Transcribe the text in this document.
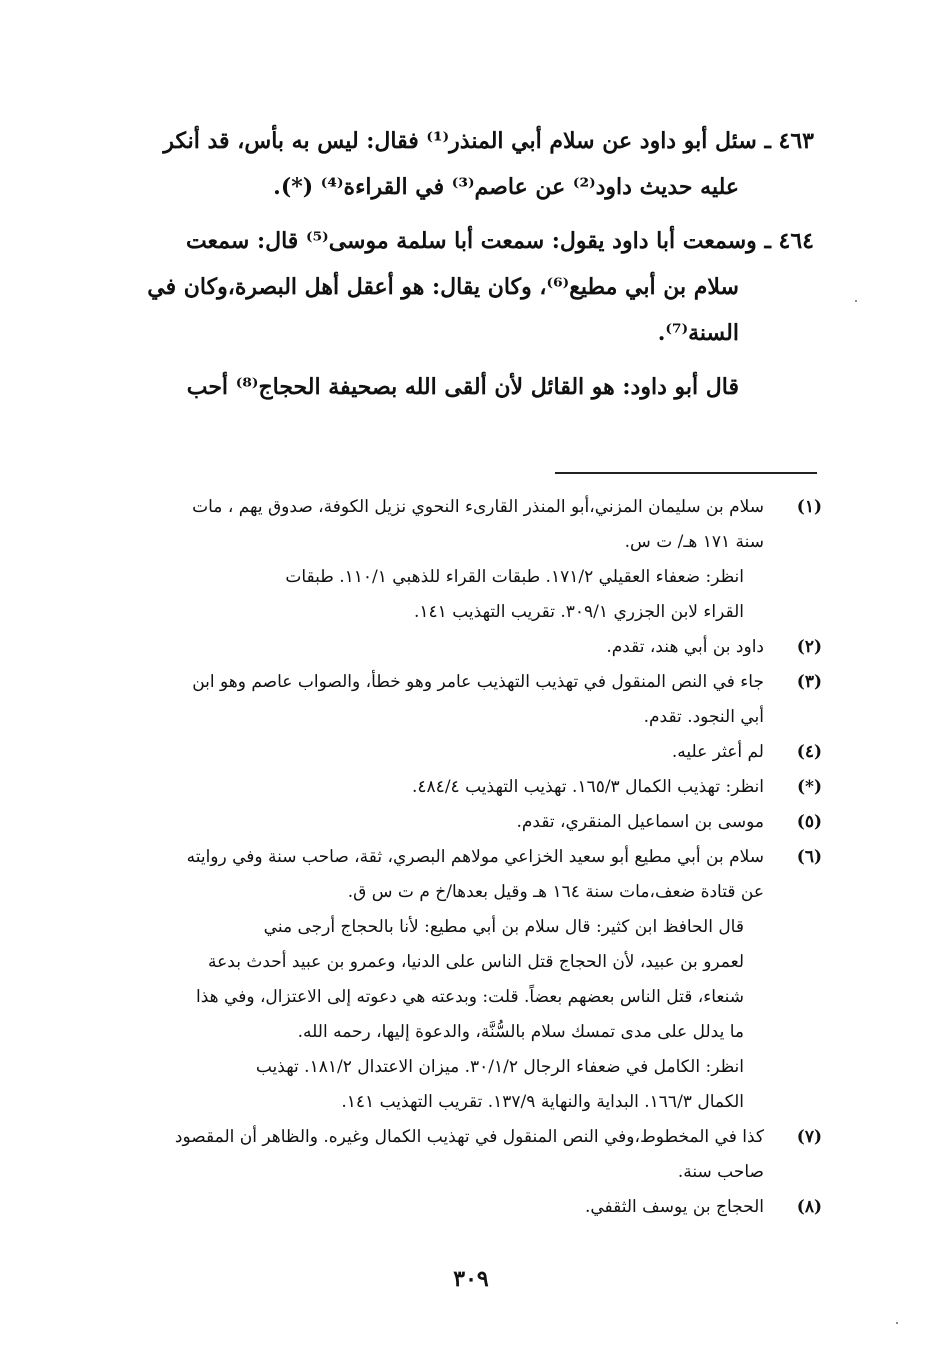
٤٦٣ ـ سئل أبو داود عن سلام أبي المنذر⁽¹⁾ فقال: ليس به بأس، قد أنكر
عليه حديث داود⁽²⁾ عن عاصم⁽³⁾ في القراءة⁽⁴⁾ (*).
٤٦٤ ـ وسمعت أبا داود يقول: سمعت أبا سلمة موسى⁽⁵⁾ قال: سمعت
سلام بن أبي مطيع⁽⁶⁾، وكان يقال: هو أعقل أهل البصرة،وكان في
السنة⁽⁷⁾.
قال أبو داود: هو القائل لأن ألقى الله بصحيفة الحجاج⁽⁸⁾ أحب
(١)
سلام بن سليمان المزني،أبو المنذر القارىء النحوي نزيل الكوفة، صدوق يهم ، مات
سنة ١٧١ هـ/ ت س.
انظر: ضعفاء العقيلي ١٧١/٢. طبقات القراء للذهبي ١١٠/١. طبقات
القراء لابن الجزري ٣٠٩/١. تقريب التهذيب ١٤١.
(٢)
داود بن أبي هند، تقدم.
(٣)
جاء في النص المنقول في تهذيب التهذيب عامر وهو خطأ، والصواب عاصم وهو ابن
أبي النجود. تقدم.
(٤)
لم أعثر عليه.
(*)
انظر: تهذيب الكمال ١٦٥/٣. تهذيب التهذيب ٤٨٤/٤.
(٥)
موسى بن اسماعيل المنقري، تقدم.
(٦)
سلام بن أبي مطيع أبو سعيد الخزاعي مولاهم البصري، ثقة، صاحب سنة وفي روايته
عن قتادة ضعف،مات سنة ١٦٤ هـ وقيل بعدها/خ م ت س ق.
قال الحافظ ابن كثير: قال سلام بن أبي مطيع: لأنا بالحجاج أرجى مني
لعمرو بن عبيد، لأن الحجاج قتل الناس على الدنيا، وعمرو بن عبيد أحدث بدعة
شنعاء، قتل الناس بعضهم بعضاً. قلت: وبدعته هي دعوته إلى الاعتزال، وفي هذا
ما يدلل على مدى تمسك سلام بالسُّنَّة، والدعوة إليها، رحمه الله.
انظر: الكامل في ضعفاء الرجال ٣٠/١/٢. ميزان الاعتدال ١٨١/٢. تهذيب
الكمال ١٦٦/٣. البداية والنهاية ١٣٧/٩. تقريب التهذيب ١٤١.
(٧)
كذا في المخطوط،وفي النص المنقول في تهذيب الكمال وغيره. والظاهر أن المقصود
صاحب سنة.
(٨)
الحجاج بن يوسف الثقفي.
٣٠٩
